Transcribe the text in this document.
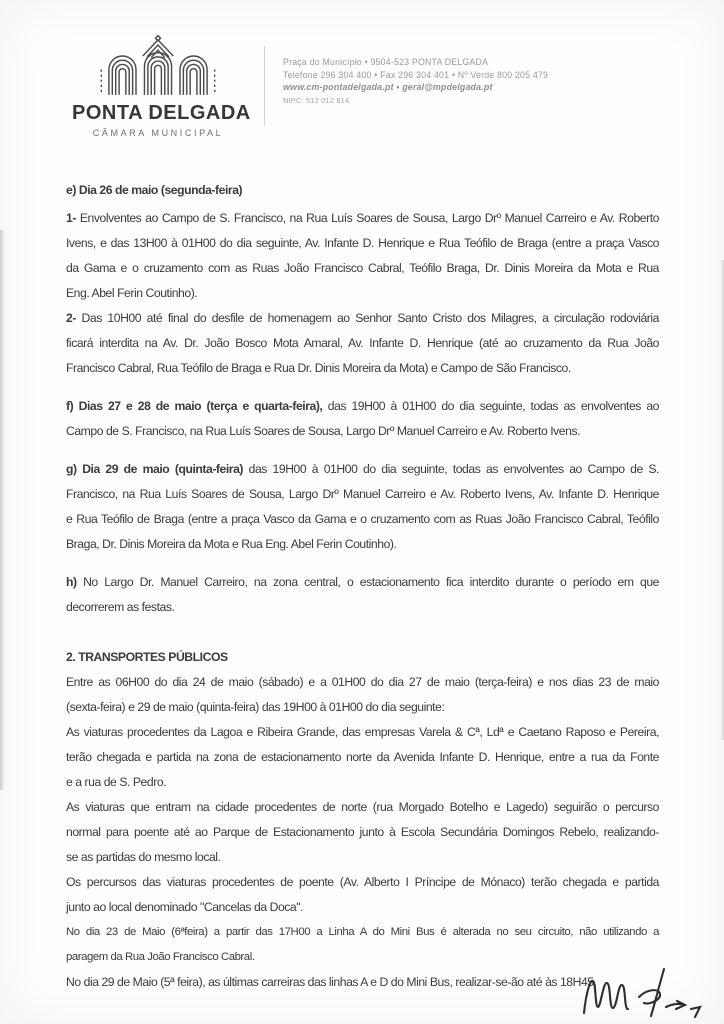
PONTA DELGADA
CÂMARA MUNICIPAL
Praça do Município • 9504-523 PONTA DELGADA
Telefone 296 304 400 • Fax 296 304 401 • Nº Verde 800 205 479
www.cm-pontadelgada.pt • geral@mpdelgada.pt
NIPC: 512 012 814
e) Dia 26 de maio (segunda-feira)
1- Envolventes ao Campo de S. Francisco, na Rua Luís Soares de Sousa, Largo Drº Manuel Carreiro e Av. Roberto
Ivens, e das 13H00 à 01H00 do dia seguinte, Av. Infante D. Henrique e Rua Teófilo de Braga (entre a praça Vasco
da Gama e o cruzamento com as Ruas João Francisco Cabral, Teófilo Braga, Dr. Dinis Moreira da Mota e Rua
Eng. Abel Ferin Coutinho).
2- Das 10H00 até final do desfile de homenagem ao Senhor Santo Cristo dos Milagres, a circulação rodoviária
ficará interdita na Av. Dr. João Bosco Mota Amaral, Av. Infante D. Henrique (até ao cruzamento da Rua João
Francisco Cabral, Rua Teófilo de Braga e Rua Dr. Dinis Moreira da Mota) e Campo de São Francisco.
f) Dias 27 e 28 de maio (terça e quarta-feira), das 19H00 à 01H00 do dia seguinte, todas as envolventes ao
Campo de S. Francisco, na Rua Luís Soares de Sousa, Largo Drº Manuel Carreiro e Av. Roberto Ivens.
g) Dia 29 de maio (quinta-feira) das 19H00 à 01H00 do dia seguinte, todas as envolventes ao Campo de S.
Francisco, na Rua Luís Soares de Sousa, Largo Drº Manuel Carreiro e Av. Roberto Ivens, Av. Infante D. Henrique
e Rua Teófilo de Braga (entre a praça Vasco da Gama e o cruzamento com as Ruas João Francisco Cabral, Teófilo
Braga, Dr. Dinis Moreira da Mota e Rua Eng. Abel Ferin Coutinho).
h) No Largo Dr. Manuel Carreiro, na zona central, o estacionamento fica interdito durante o período em que
decorrerem as festas.
2. TRANSPORTES PÚBLICOS
Entre as 06H00 do dia 24 de maio (sábado) e a 01H00 do dia 27 de maio (terça-feira) e nos dias 23 de maio
(sexta-feira) e 29 de maio (quinta-feira) das 19H00 à 01H00 do dia seguinte:
As viaturas procedentes da Lagoa e Ribeira Grande, das empresas Varela & Cª, Ldª e Caetano Raposo e Pereira,
terão chegada e partida na zona de estacionamento norte da Avenida Infante D. Henrique, entre a rua da Fonte
e a rua de S. Pedro.
As viaturas que entram na cidade procedentes de norte (rua Morgado Botelho e Lagedo) seguirão o percurso
normal para poente até ao Parque de Estacionamento junto à Escola Secundária Domingos Rebelo, realizando-
se as partidas do mesmo local.
Os percursos das viaturas procedentes de poente (Av. Alberto I Príncipe de Mónaco) terão chegada e partida
junto ao local denominado "Cancelas da Doca".
No dia 23 de Maio (6ªfeira) a partir das 17H00 a Linha A do Mini Bus é alterada no seu circuito, não utilizando a
paragem da Rua João Francisco Cabral.
No dia 29 de Maio (5ª feira), as últimas carreiras das linhas A e D do Mini Bus, realizar-se-ão até às 18H45.
